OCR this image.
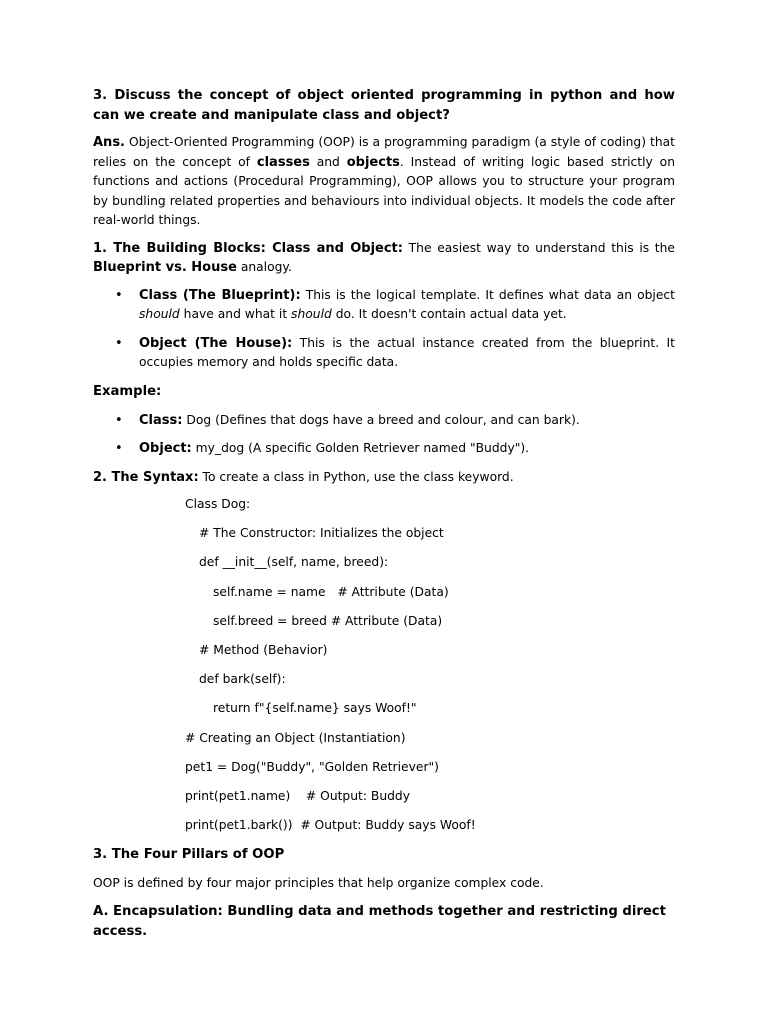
3. Discuss the concept of object oriented programming in python and how can we create and manipulate class and object?

Ans. Object-Oriented Programming (OOP) is a programming paradigm (a style of coding) that relies on the concept of classes and objects. Instead of writing logic based strictly on functions and actions (Procedural Programming), OOP allows you to structure your program by bundling related properties and behaviours into individual objects. It models the code after real-world things.

1. The Building Blocks: Class and Object: The easiest way to understand this is the Blueprint vs. House analogy.

• Class (The Blueprint): This is the logical template. It defines what data an object should have and what it should do. It doesn't contain actual data yet.
• Object (The House): This is the actual instance created from the blueprint. It occupies memory and holds specific data.

Example:

• Class: Dog (Defines that dogs have a breed and colour, and can bark).
• Object: my_dog (A specific Golden Retriever named "Buddy").

2. The Syntax: To create a class in Python, use the class keyword.

Class Dog:
# The Constructor: Initializes the object
def __init__(self, name, breed):
self.name = name   # Attribute (Data)
self.breed = breed # Attribute (Data)
# Method (Behavior)
def bark(self):
return f"{self.name} says Woof!"
# Creating an Object (Instantiation)
pet1 = Dog("Buddy", "Golden Retriever")
print(pet1.name)    # Output: Buddy
print(pet1.bark())  # Output: Buddy says Woof!

3. The Four Pillars of OOP

OOP is defined by four major principles that help organize complex code.

A. Encapsulation: Bundling data and methods together and restricting direct access.
